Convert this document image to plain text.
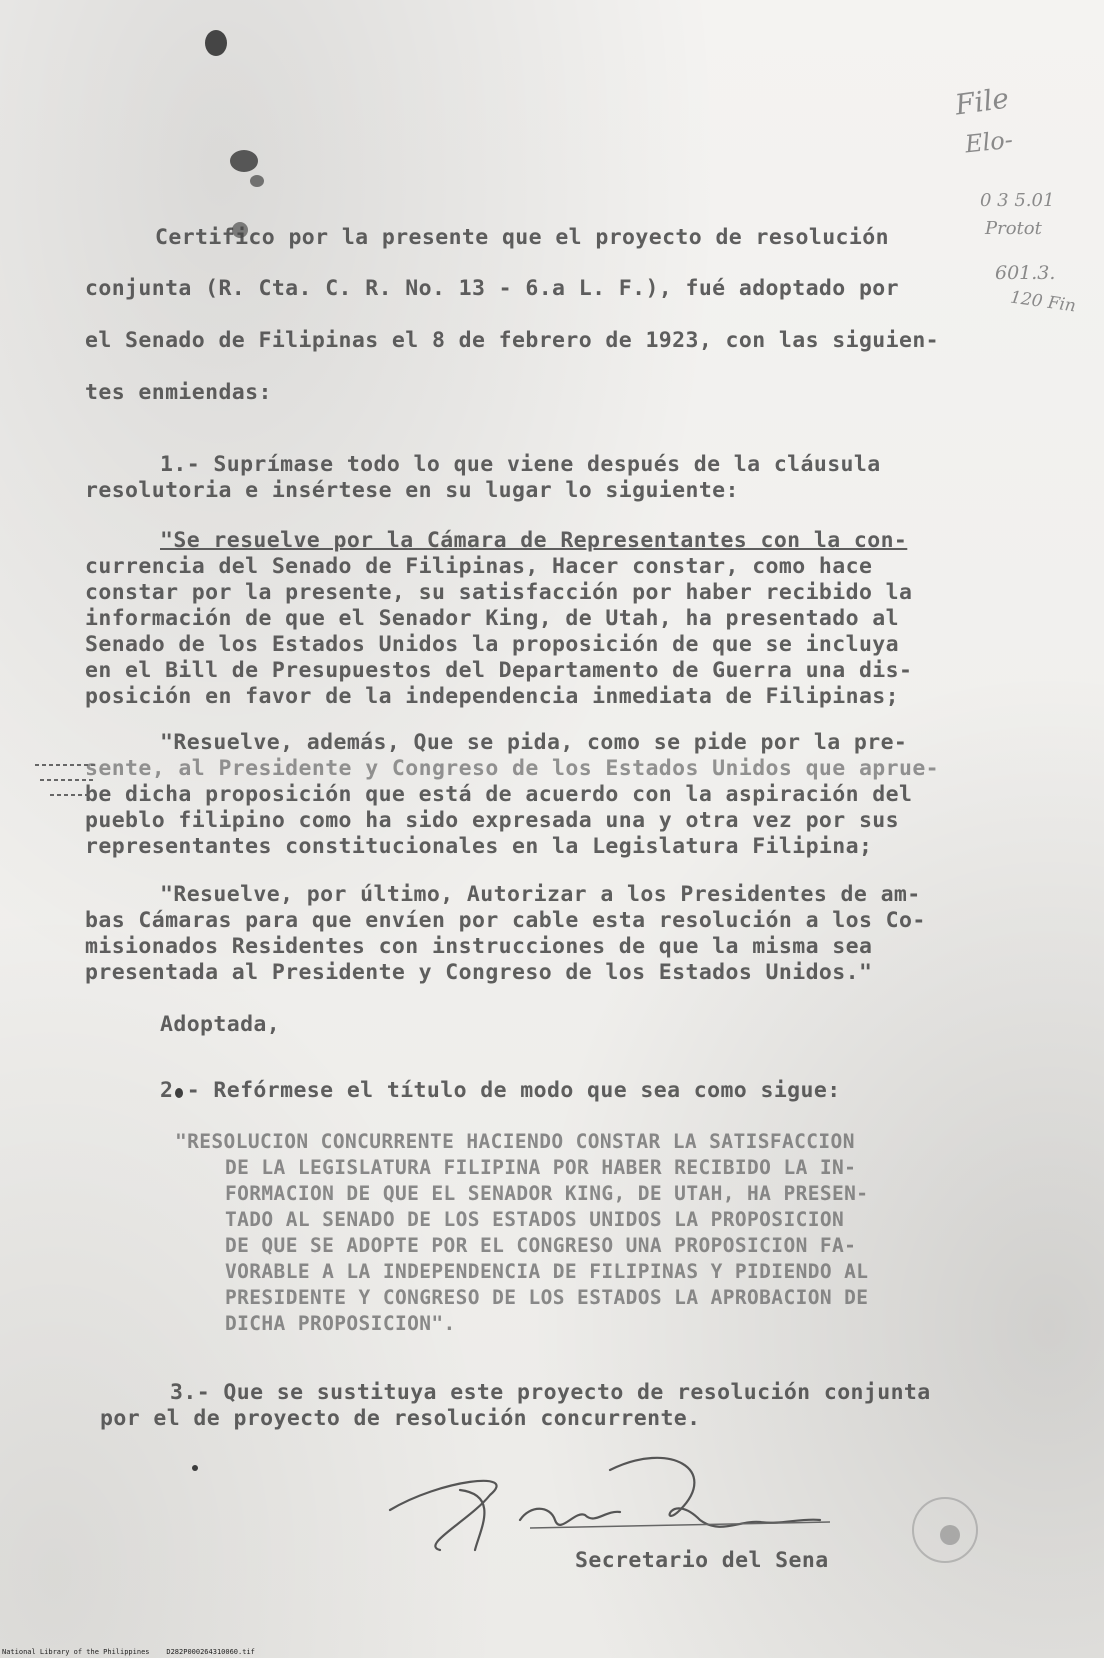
File
Elo-
0 3 5.01
Protot
601.3.
120 Fin
Certifico por la presente que el proyecto de resolución
conjunta (R. Cta. C. R. No. 13 - 6.a L. F.), fué adoptado por
el Senado de Filipinas el 8 de febrero de 1923, con las siguien-
tes enmiendas:
1.- Suprímase todo lo que viene después de la cláusula
resolutoria e insértese en su lugar lo siguiente:
"Se resuelve por la Cámara de Representantes con la con-
currencia del Senado de Filipinas, Hacer constar, como hace
constar por la presente, su satisfacción por haber recibido la
información de que el Senador King, de Utah, ha presentado al
Senado de los Estados Unidos la proposición de que se incluya
en el Bill de Presupuestos del Departamento de Guerra una dis-
posición en favor de la independencia inmediata de Filipinas;
"Resuelve, además, Que se pida, como se pide por la pre-
sente, al Presidente y Congreso de los Estados Unidos que aprue-
be dicha proposición que está de acuerdo con la aspiración del
pueblo filipino como ha sido expresada una y otra vez por sus
representantes constitucionales en la Legislatura Filipina;
"Resuelve, por último, Autorizar a los Presidentes de am-
bas Cámaras para que envíen por cable esta resolución a los Co-
misionados Residentes con instrucciones de que la misma sea
presentada al Presidente y Congreso de los Estados Unidos."
Adoptada,
2.- Refórmese el título de modo que sea como sigue:
"RESOLUCION CONCURRENTE HACIENDO CONSTAR LA SATISFACCION
DE LA LEGISLATURA FILIPINA POR HABER RECIBIDO LA IN-
FORMACION DE QUE EL SENADOR KING, DE UTAH, HA PRESEN-
TADO AL SENADO DE LOS ESTADOS UNIDOS LA PROPOSICION
DE QUE SE ADOPTE POR EL CONGRESO UNA PROPOSICION FA-
VORABLE A LA INDEPENDENCIA DE FILIPINAS Y PIDIENDO AL
PRESIDENTE Y CONGRESO DE LOS ESTADOS LA APROBACION DE
DICHA PROPOSICION".
3.- Que se sustituya este proyecto de resolución conjunta
por el de proyecto de resolución concurrente.
Secretario del Sena
National Library of the Philippines D282P000264310060.tif
